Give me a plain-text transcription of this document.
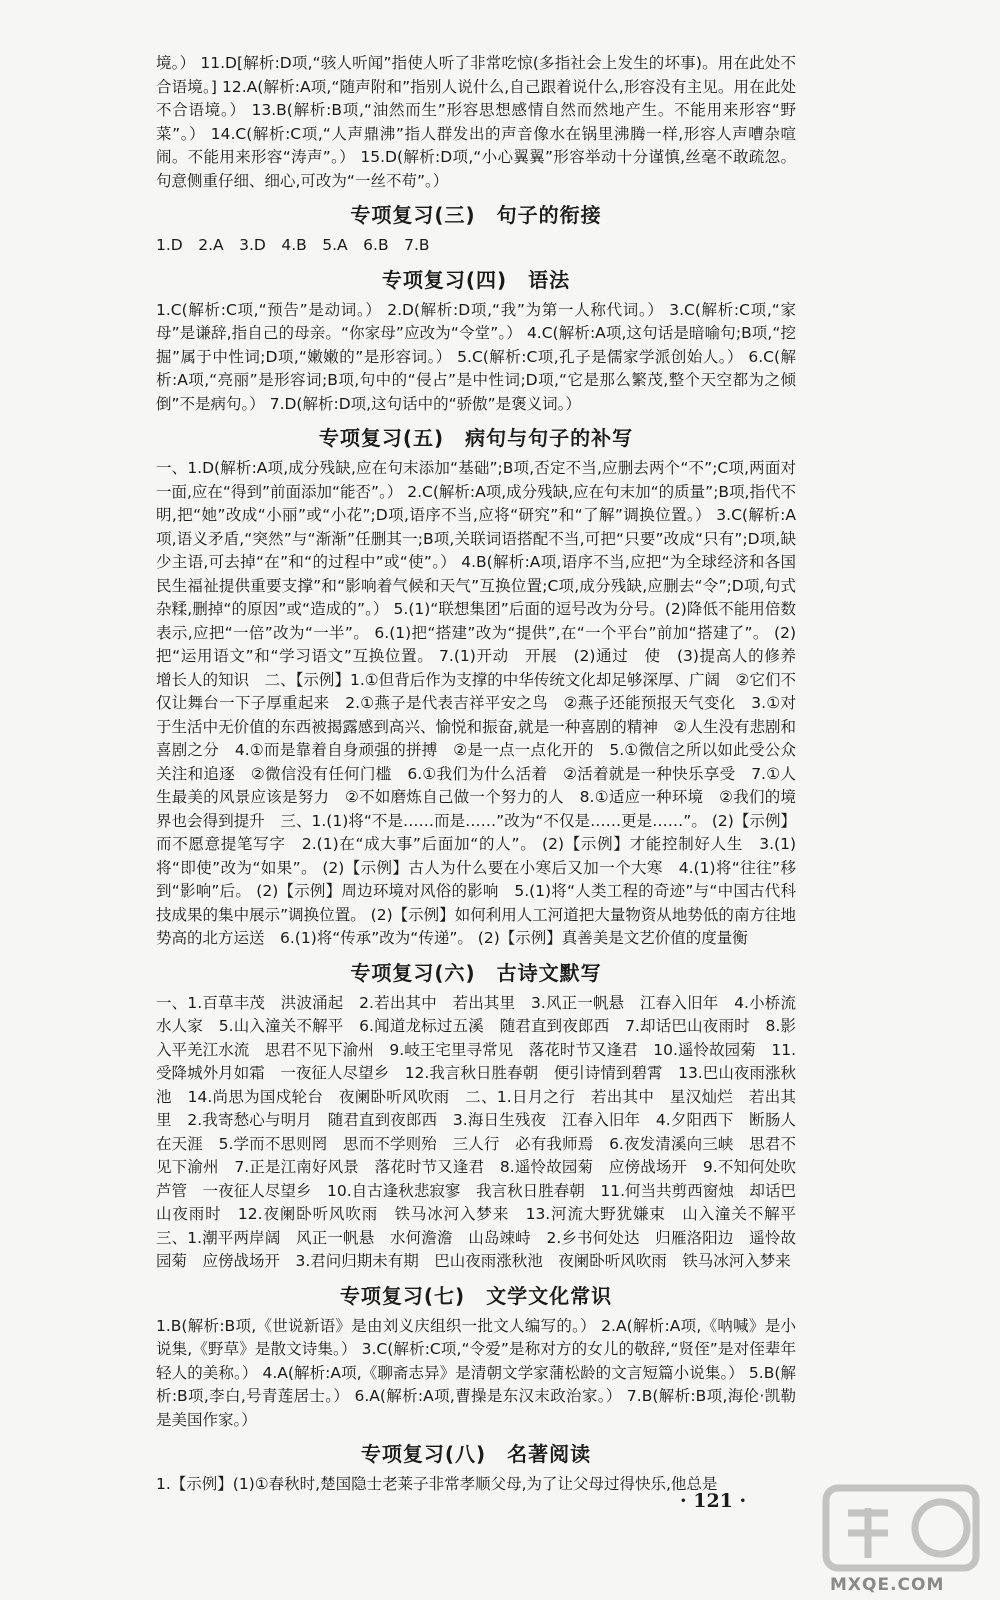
境。） 11.D[解析:D项,“骇人听闻”指使人听了非常吃惊(多指社会上发生的坏事)。用在此处不合语境。] 12.A(解析:A项,“随声附和”指别人说什么,自己跟着说什么,形容没有主见。用在此处不合语境。） 13.B(解析:B项,“油然而生”形容思想感情自然而然地产生。不能用来形容“野菜”。） 14.C(解析:C项,“人声鼎沸”指人群发出的声音像水在锅里沸腾一样,形容人声嘈杂喧闹。不能用来形容“涛声”。） 15.D(解析:D项,“小心翼翼”形容举动十分谨慎,丝毫不敢疏忽。句意侧重仔细、细心,可改为“一丝不苟”。）

专项复习(三)　句子的衔接

1.D　2.A　3.D　4.B　5.A　6.B　7.B

专项复习(四)　语法

1.C(解析:C项,“预告”是动词。） 2.D(解析:D项,“我”为第一人称代词。） 3.C(解析:C项,“家母”是谦辞,指自己的母亲。“你家母”应改为“令堂”。） 4.C(解析:A项,这句话是暗喻句;B项,“挖掘”属于中性词;D项,“嫩嫩的”是形容词。） 5.C(解析:C项,孔子是儒家学派创始人。） 6.C(解析:A项,“亮丽”是形容词;B项,句中的“侵占”是中性词;D项,“它是那么繁茂,整个天空都为之倾倒”不是病句。） 7.D(解析:D项,这句话中的“骄傲”是褒义词。）

专项复习(五)　病句与句子的补写

一、1.D(解析:A项,成分残缺,应在句末添加“基础”;B项,否定不当,应删去两个“不”;C项,两面对一面,应在“得到”前面添加“能否”。） 2.C(解析:A项,成分残缺,应在句末加“的质量”;B项,指代不明,把“她”改成“小丽”或“小花”;D项,语序不当,应将“研究”和“了解”调换位置。） 3.C(解析:A项,语义矛盾,“突然”与“渐渐”任删其一;B项,关联词语搭配不当,可把“只要”改成“只有”;D项,缺少主语,可去掉“在”和“的过程中”或“使”。） 4.B(解析:A项,语序不当,应把“为全球经济和各国民生福祉提供重要支撑”和“影响着气候和天气”互换位置;C项,成分残缺,应删去“令”;D项,句式杂糅,删掉“的原因”或“造成的”。） 5.(1)“联想集团”后面的逗号改为分号。(2)降低不能用倍数表示,应把“一倍”改为“一半”。 6.(1)把“搭建”改为“提供”,在“一个平台”前加“搭建了”。 (2)把“运用语文”和“学习语文”互换位置。 7.(1)开动　开展　(2)通过　使　(3)提高人的修养　增长人的知识　二、【示例】1.①但背后作为支撑的中华传统文化却足够深厚、广阔　②它们不仅让舞台一下子厚重起来　2.①燕子是代表吉祥平安之鸟　②燕子还能预报天气变化　3.①对于生活中无价值的东西被揭露感到高兴、愉悦和振奋,就是一种喜剧的精神　②人生没有悲剧和喜剧之分　4.①而是靠着自身顽强的拼搏　②是一点一点化开的　5.①微信之所以如此受公众关注和追逐　②微信没有任何门槛　6.①我们为什么活着　②活着就是一种快乐享受　7.①人生最美的风景应该是努力　②不如磨炼自己做一个努力的人　8.①适应一种环境　②我们的境界也会得到提升　三、1.(1)将“不是……而是……”改为“不仅是……更是……”。 (2)【示例】而不愿意提笔写字　2.(1)在“成大事”后面加“的人”。 (2)【示例】才能控制好人生　3.(1)将“即使”改为“如果”。 (2)【示例】古人为什么要在小寒后又加一个大寒　4.(1)将“往往”移到“影响”后。 (2)【示例】周边环境对风俗的影响　5.(1)将“人类工程的奇迹”与“中国古代科技成果的集中展示”调换位置。 (2)【示例】如何利用人工河道把大量物资从地势低的南方往地势高的北方运送　6.(1)将“传承”改为“传递”。 (2)【示例】真善美是文艺价值的度量衡

专项复习(六)　古诗文默写

一、1.百草丰茂　洪波涌起　2.若出其中　若出其里　3.风正一帆悬　江春入旧年　4.小桥流水人家　5.山入潼关不解平　6.闻道龙标过五溪　随君直到夜郎西　7.却话巴山夜雨时　8.影入平羌江水流　思君不见下渝州　9.岐王宅里寻常见　落花时节又逢君　10.遥怜故园菊　11.受降城外月如霜　一夜征人尽望乡　12.我言秋日胜春朝　便引诗情到碧霄　13.巴山夜雨涨秋池　14.尚思为国戍轮台　夜阑卧听风吹雨　二、1.日月之行　若出其中　星汉灿烂　若出其里　2.我寄愁心与明月　随君直到夜郎西　3.海日生残夜　江春入旧年　4.夕阳西下　断肠人在天涯　5.学而不思则罔　思而不学则殆　三人行　必有我师焉　6.夜发清溪向三峡　思君不见下渝州　7.正是江南好风景　落花时节又逢君　8.遥怜故园菊　应傍战场开　9.不知何处吹芦管　一夜征人尽望乡　10.自古逢秋悲寂寥　我言秋日胜春朝　11.何当共剪西窗烛　却话巴山夜雨时　12.夜阑卧听风吹雨　铁马冰河入梦来　13.河流大野犹嫌束　山入潼关不解平　三、1.潮平两岸阔　风正一帆悬　水何澹澹　山岛竦峙　2.乡书何处达　归雁洛阳边　遥怜故园菊　应傍战场开　3.君问归期未有期　巴山夜雨涨秋池　夜阑卧听风吹雨　铁马冰河入梦来

专项复习(七)　文学文化常识

1.B(解析:B项,《世说新语》是由刘义庆组织一批文人编写的。） 2.A(解析:A项,《呐喊》是小说集,《野草》是散文诗集。） 3.C(解析:C项,“令爱”是称对方的女儿的敬辞,“贤侄”是对侄辈年轻人的美称。） 4.A(解析:A项,《聊斋志异》是清朝文学家蒲松龄的文言短篇小说集。） 5.B(解析:B项,李白,号青莲居士。） 6.A(解析:A项,曹操是东汉末政治家。） 7.B(解析:B项,海伦·凯勒是美国作家。）

专项复习(八)　名著阅读

1.【示例】(1)①春秋时,楚国隐士老莱子非常孝顺父母,为了让父母过得快乐,他总是

· 121 ·
MXQE.COM
